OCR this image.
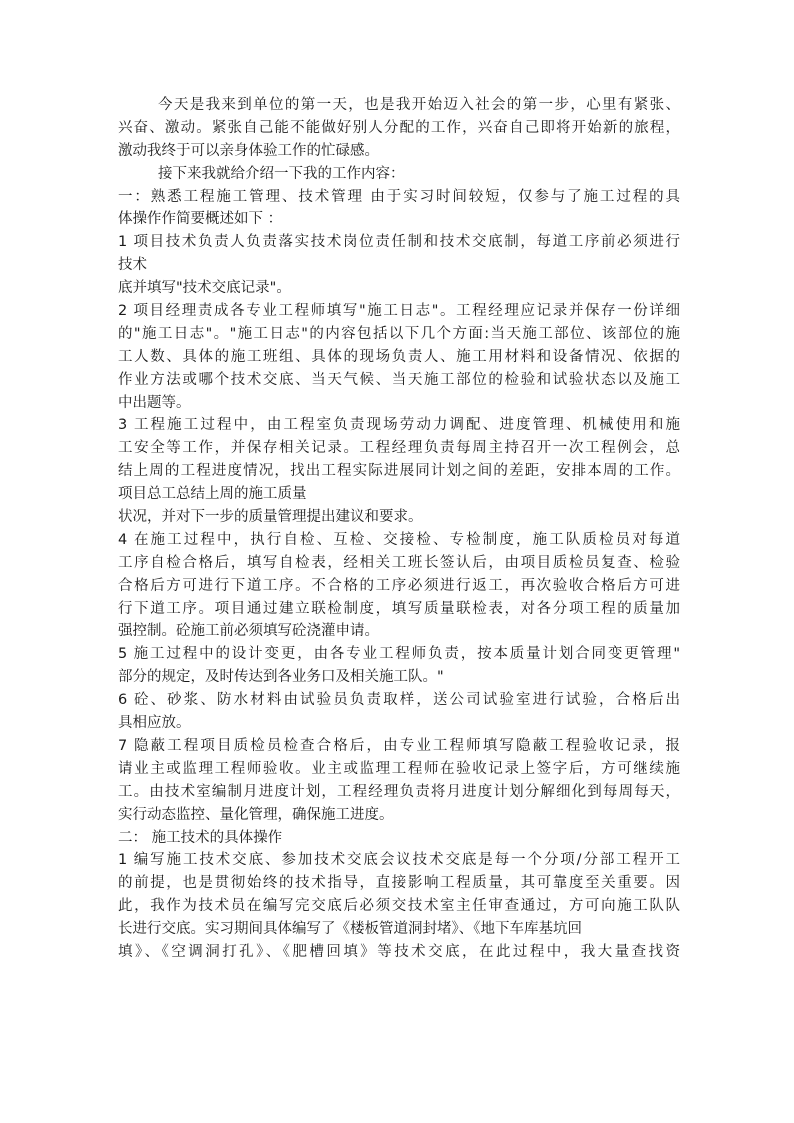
今天是我来到单位的第一天，也是我开始迈入社会的第一步，心里有紧张、
兴奋、激动。紧张自己能不能做好别人分配的工作，兴奋自己即将开始新的旅程，
激动我终于可以亲身体验工作的忙碌感。
接下来我就给介绍一下我的工作内容：
一：熟悉工程施工管理、技术管理 由于实习时间较短，仅参与了施工过程的具
体操作作简要概述如下 ：
1 项目技术负责人负责落实技术岗位责任制和技术交底制，每道工序前必须进行
技术
底并填写"技术交底记录"。
2 项目经理责成各专业工程师填写"施工日志"。工程经理应记录并保存一份详细
的"施工日志"。"施工日志"的内容包括以下几个方面:当天施工部位、该部位的施
工人数、具体的施工班组、具体的现场负责人、施工用材料和设备情况、依据的
作业方法或哪个技术交底、当天气候、当天施工部位的检验和试验状态以及施工
中出题等。
3 工程施工过程中，由工程室负责现场劳动力调配、进度管理、机械使用和施
工安全等工作，并保存相关记录。工程经理负责每周主持召开一次工程例会，总
结上周的工程进度情况，找出工程实际进展同计划之间的差距，安排本周的工作。
项目总工总结上周的施工质量
状况，并对下一步的质量管理提出建议和要求。
4 在施工过程中，执行自检、互检、交接检、专检制度，施工队质检员对每道
工序自检合格后，填写自检表，经相关工班长签认后，由项目质检员复查、检验
合格后方可进行下道工序。不合格的工序必须进行返工，再次验收合格后方可进
行下道工序。项目通过建立联检制度，填写质量联检表，对各分项工程的质量加
强控制。砼施工前必须填写砼浇灌申请。
5 施工过程中的设计变更，由各专业工程师负责，按本质量计划合同变更管理"
部分的规定，及时传达到各业务口及相关施工队。"
6 砼、砂浆、防水材料由试验员负责取样，送公司试验室进行试验，合格后出
具相应放。
7 隐蔽工程项目质检员检查合格后，由专业工程师填写隐蔽工程验收记录，报
请业主或监理工程师验收。业主或监理工程师在验收记录上签字后，方可继续施
工。由技术室编制月进度计划，工程经理负责将月进度计划分解细化到每周每天，
实行动态监控、量化管理，确保施工进度。
二： 施工技术的具体操作
1 编写施工技术交底、参加技术交底会议技术交底是每一个分项/分部工程开工
的前提，也是贯彻始终的技术指导，直接影响工程质量，其可靠度至关重要。因
此，我作为技术员在编写完交底后必须交技术室主任审查通过，方可向施工队队
长进行交底。实习期间具体编写了《楼板管道洞封堵》、《地下车库基坑回
填》、《空调洞打孔》、《肥槽回填》等技术交底，在此过程中，我大量查找资
